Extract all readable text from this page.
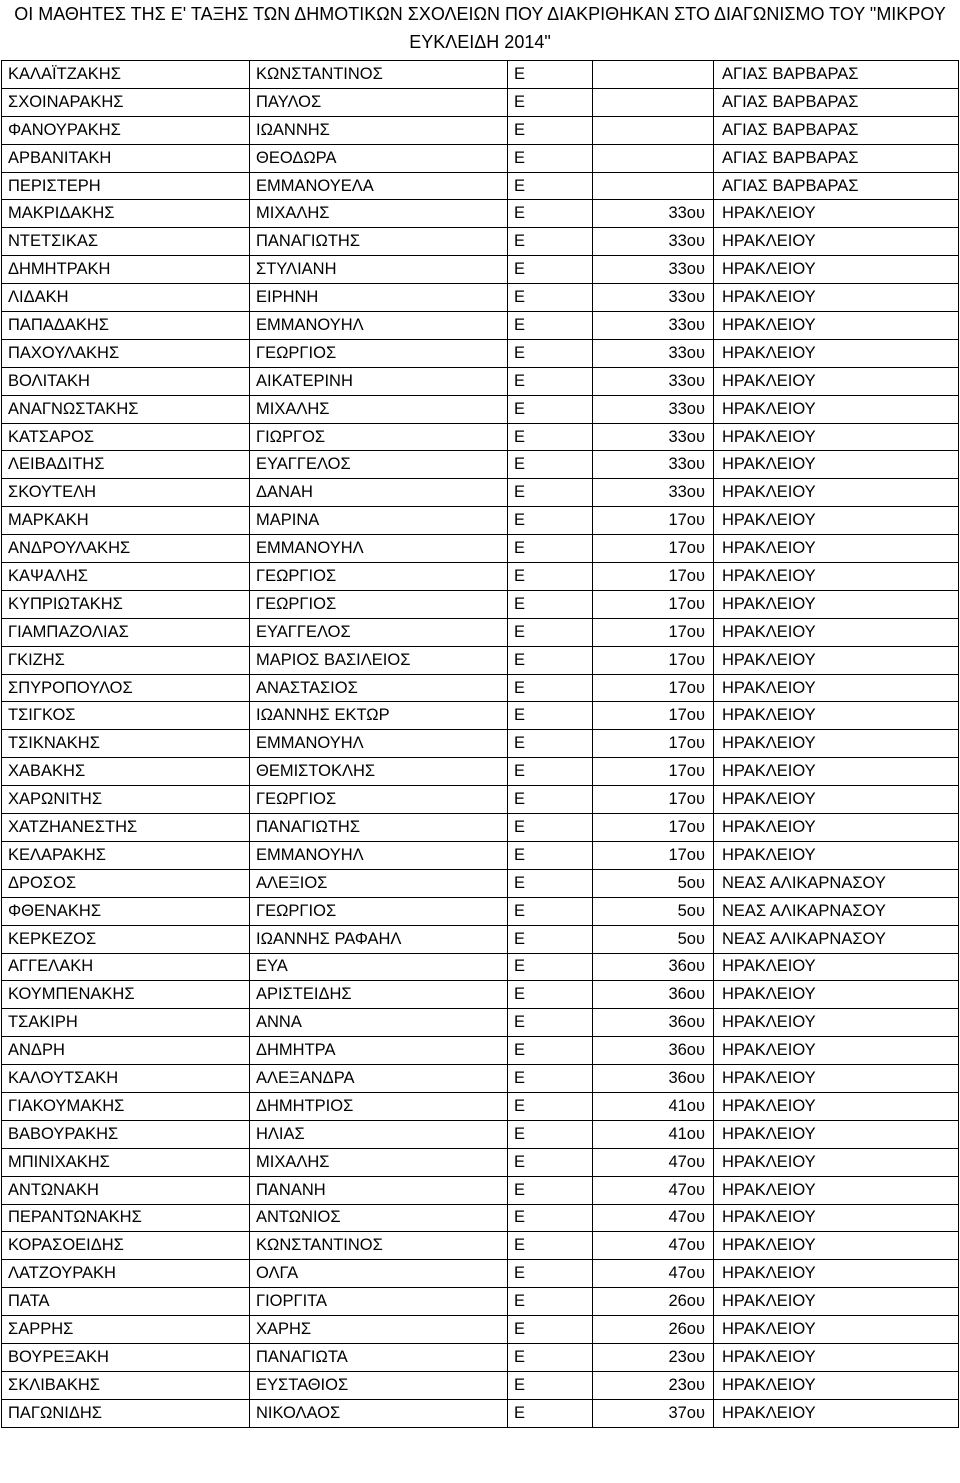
ΟΙ ΜΑΘΗΤΕΣ ΤΗΣ Ε' ΤΑΞΗΣ ΤΩΝ ΔΗΜΟΤΙΚΩΝ ΣΧΟΛΕΙΩΝ ΠΟΥ ΔΙΑΚΡΙΘΗΚΑΝ ΣΤΟ ΔΙΑΓΩΝΙΣΜΟ ΤΟΥ "ΜΙΚΡΟΥ ΕΥΚΛΕΙΔΗ 2014"
ΚΑΛΑΪΤΖΑΚΗΣ	ΚΩΝΣΤΑΝΤΙΝΟΣ	Ε		ΑΓΙΑΣ ΒΑΡΒΑΡΑΣ
ΣΧΟΙΝΑΡΑΚΗΣ	ΠΑΥΛΟΣ	Ε		ΑΓΙΑΣ ΒΑΡΒΑΡΑΣ
ΦΑΝΟΥΡΑΚΗΣ	ΙΩΑΝΝΗΣ	Ε		ΑΓΙΑΣ ΒΑΡΒΑΡΑΣ
ΑΡΒΑΝΙΤΑΚΗ	ΘΕΟΔΩΡΑ	Ε		ΑΓΙΑΣ ΒΑΡΒΑΡΑΣ
ΠΕΡΙΣΤΕΡΗ	ΕΜΜΑΝΟΥΕΛΑ	Ε		ΑΓΙΑΣ ΒΑΡΒΑΡΑΣ
ΜΑΚΡΙΔΑΚΗΣ	ΜΙΧΑΛΗΣ	Ε	33ου	ΗΡΑΚΛΕΙΟΥ
ΝΤΕΤΣΙΚΑΣ	ΠΑΝΑΓΙΩΤΗΣ	Ε	33ου	ΗΡΑΚΛΕΙΟΥ
ΔΗΜΗΤΡΑΚΗ	ΣΤΥΛΙΑΝΗ	Ε	33ου	ΗΡΑΚΛΕΙΟΥ
ΛΙΔΑΚΗ	ΕΙΡΗΝΗ	Ε	33ου	ΗΡΑΚΛΕΙΟΥ
ΠΑΠΑΔΑΚΗΣ	ΕΜΜΑΝΟΥΗΛ	Ε	33ου	ΗΡΑΚΛΕΙΟΥ
ΠΑΧΟΥΛΑΚΗΣ	ΓΕΩΡΓΙΟΣ	Ε	33ου	ΗΡΑΚΛΕΙΟΥ
ΒΟΛΙΤΑΚΗ	ΑΙΚΑΤΕΡΙΝΗ	Ε	33ου	ΗΡΑΚΛΕΙΟΥ
ΑΝΑΓΝΩΣΤΑΚΗΣ	ΜΙΧΑΛΗΣ	Ε	33ου	ΗΡΑΚΛΕΙΟΥ
ΚΑΤΣΑΡΟΣ	ΓΙΩΡΓΟΣ	Ε	33ου	ΗΡΑΚΛΕΙΟΥ
ΛΕΙΒΑΔΙΤΗΣ	ΕΥΑΓΓΕΛΟΣ	Ε	33ου	ΗΡΑΚΛΕΙΟΥ
ΣΚΟΥΤΕΛΗ	ΔΑΝΑΗ	Ε	33ου	ΗΡΑΚΛΕΙΟΥ
ΜΑΡΚΑΚΗ	ΜΑΡΙΝΑ	Ε	17ου	ΗΡΑΚΛΕΙΟΥ
ΑΝΔΡΟΥΛΑΚΗΣ	ΕΜΜΑΝΟΥΗΛ	Ε	17ου	ΗΡΑΚΛΕΙΟΥ
ΚΑΨΑΛΗΣ	ΓΕΩΡΓΙΟΣ	Ε	17ου	ΗΡΑΚΛΕΙΟΥ
ΚΥΠΡΙΩΤΑΚΗΣ	ΓΕΩΡΓΙΟΣ	Ε	17ου	ΗΡΑΚΛΕΙΟΥ
ΓΙΑΜΠΑΖΟΛΙΑΣ	ΕΥΑΓΓΕΛΟΣ	Ε	17ου	ΗΡΑΚΛΕΙΟΥ
ΓΚΙΖΗΣ	ΜΑΡΙΟΣ ΒΑΣΙΛΕΙΟΣ	Ε	17ου	ΗΡΑΚΛΕΙΟΥ
ΣΠΥΡΟΠΟΥΛΟΣ	ΑΝΑΣΤΑΣΙΟΣ	Ε	17ου	ΗΡΑΚΛΕΙΟΥ
ΤΣΙΓΚΟΣ	ΙΩΑΝΝΗΣ ΕΚΤΩΡ	Ε	17ου	ΗΡΑΚΛΕΙΟΥ
ΤΣΙΚΝΑΚΗΣ	ΕΜΜΑΝΟΥΗΛ	Ε	17ου	ΗΡΑΚΛΕΙΟΥ
ΧΑΒΑΚΗΣ	ΘΕΜΙΣΤΟΚΛΗΣ	Ε	17ου	ΗΡΑΚΛΕΙΟΥ
ΧΑΡΩΝΙΤΗΣ	ΓΕΩΡΓΙΟΣ	Ε	17ου	ΗΡΑΚΛΕΙΟΥ
ΧΑΤΖΗΑΝΕΣΤΗΣ	ΠΑΝΑΓΙΩΤΗΣ	Ε	17ου	ΗΡΑΚΛΕΙΟΥ
ΚΕΛΑΡΑΚΗΣ	ΕΜΜΑΝΟΥΗΛ	Ε	17ου	ΗΡΑΚΛΕΙΟΥ
ΔΡΟΣΟΣ	ΑΛΕΞΙΟΣ	Ε	5ου	ΝΕΑΣ ΑΛΙΚΑΡΝΑΣΟΥ
ΦΘΕΝΑΚΗΣ	ΓΕΩΡΓΙΟΣ	Ε	5ου	ΝΕΑΣ ΑΛΙΚΑΡΝΑΣΟΥ
ΚΕΡΚΕΖΟΣ	ΙΩΑΝΝΗΣ ΡΑΦΑΗΛ	Ε	5ου	ΝΕΑΣ ΑΛΙΚΑΡΝΑΣΟΥ
ΑΓΓΕΛΑΚΗ	ΕΥΑ	Ε	36ου	ΗΡΑΚΛΕΙΟΥ
ΚΟΥΜΠΕΝΑΚΗΣ	ΑΡΙΣΤΕΙΔΗΣ	Ε	36ου	ΗΡΑΚΛΕΙΟΥ
ΤΣΑΚΙΡΗ	ΑΝΝΑ	Ε	36ου	ΗΡΑΚΛΕΙΟΥ
ΑΝΔΡΗ	ΔΗΜΗΤΡΑ	Ε	36ου	ΗΡΑΚΛΕΙΟΥ
ΚΑΛΟΥΤΣΑΚΗ	ΑΛΕΞΑΝΔΡΑ	Ε	36ου	ΗΡΑΚΛΕΙΟΥ
ΓΙΑΚΟΥΜΑΚΗΣ	ΔΗΜΗΤΡΙΟΣ	Ε	41ου	ΗΡΑΚΛΕΙΟΥ
ΒΑΒΟΥΡΑΚΗΣ	ΗΛΙΑΣ	Ε	41ου	ΗΡΑΚΛΕΙΟΥ
ΜΠΙΝΙΧΑΚΗΣ	ΜΙΧΑΛΗΣ	Ε	47ου	ΗΡΑΚΛΕΙΟΥ
ΑΝΤΩΝΑΚΗ	ΠΑΝΑΝΗ	Ε	47ου	ΗΡΑΚΛΕΙΟΥ
ΠΕΡΑΝΤΩΝΑΚΗΣ	ΑΝΤΩΝΙΟΣ	Ε	47ου	ΗΡΑΚΛΕΙΟΥ
ΚΟΡΑΣΟΕΙΔΗΣ	ΚΩΝΣΤΑΝΤΙΝΟΣ	Ε	47ου	ΗΡΑΚΛΕΙΟΥ
ΛΑΤΖΟΥΡΑΚΗ	ΟΛΓΑ	Ε	47ου	ΗΡΑΚΛΕΙΟΥ
ΠΑΤΑ	ΓΙΟΡΓΙΤΑ	Ε	26ου	ΗΡΑΚΛΕΙΟΥ
ΣΑΡΡΗΣ	ΧΑΡΗΣ	Ε	26ου	ΗΡΑΚΛΕΙΟΥ
ΒΟΥΡΕΞΑΚΗ	ΠΑΝΑΓΙΩΤΑ	Ε	23ου	ΗΡΑΚΛΕΙΟΥ
ΣΚΛΙΒΑΚΗΣ	ΕΥΣΤΑΘΙΟΣ	Ε	23ου	ΗΡΑΚΛΕΙΟΥ
ΠΑΓΩΝΙΔΗΣ	ΝΙΚΟΛΑΟΣ	Ε	37ου	ΗΡΑΚΛΕΙΟΥ
